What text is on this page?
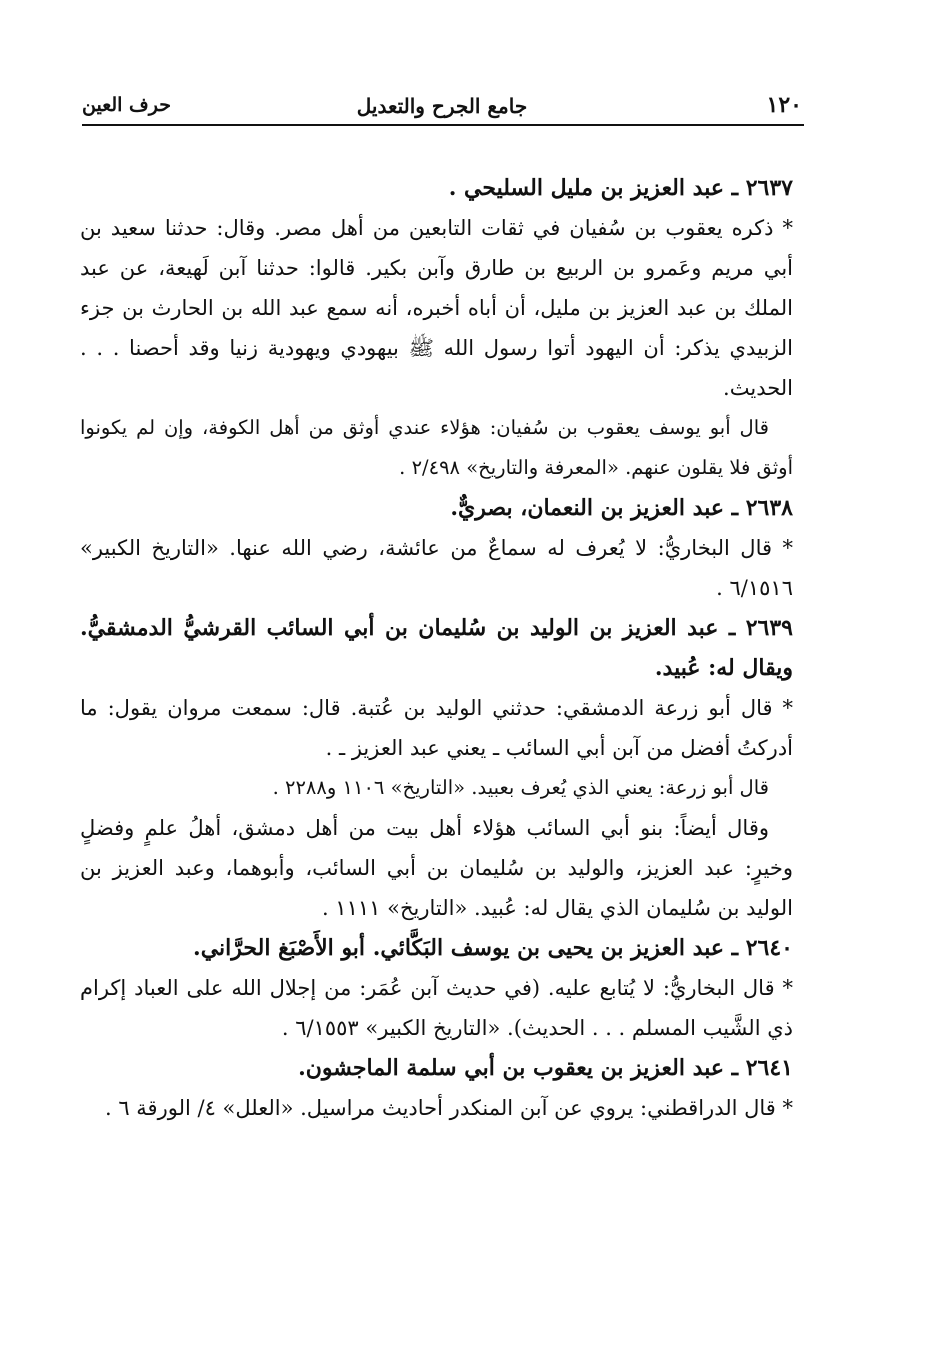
١٢٠
جامع الجرح والتعديل
حرف العين

٢٦٣٧ ـ عبد العزيز بن مليل السليحي .

* ذكره يعقوب بن سُفيان في ثقات التابعين من أهل مصر. وقال: حدثنا سعيد بن أبي مريم وعَمرو بن الربيع بن طارق وآبن بكير. قالوا: حدثنا آبن لَهيعة، عن عبد الملك بن عبد العزيز بن مليل، أن أباه أخبره، أنه سمع عبد الله بن الحارث بن جزء الزبيدي يذكر: أن اليهود أتوا رسول الله ﷺ بيهودي ويهودية زنيا وقد أحصنا . . . الحديث.

قال أبو يوسف يعقوب بن سُفيان: هؤلاء عندي أوثق من أهل الكوفة، وإن لم يكونوا أوثق فلا يقلون عنهم. «المعرفة والتاريخ» ٢/٤٩٨ .

٢٦٣٨ ـ عبد العزيز بن النعمان، بصريٌّ.

* قال البخاريُّ: لا يُعرف له سماعٌ من عائشة، رضي الله عنها. «التاريخ الكبير» ٦/١٥١٦ .

٢٦٣٩ ـ عبد العزيز بن الوليد بن سُليمان بن أبي السائب القرشيُّ الدمشقيُّ. ويقال له: عُبيد.

* قال أبو زرعة الدمشقي: حدثني الوليد بن عُتبة. قال: سمعت مروان يقول: ما أدركتُ أفضل من آبن أبي السائب ـ يعني عبد العزيز ـ .

قال أبو زرعة: يعني الذي يُعرف بعبيد. «التاريخ» ١١٠٦ و٢٢٨٨ .

وقال أيضاً: بنو أبي السائب هؤلاء أهل بيت من أهل دمشق، أهلُ علمٍ وفضلٍ وخيرٍ: عبد العزيز، والوليد بن سُليمان بن أبي السائب، وأبوهما، وعبد العزيز بن الوليد بن سُليمان الذي يقال له: عُبيد. «التاريخ» ١١١١ .

٢٦٤٠ ـ عبد العزيز بن يحيى بن يوسف البَكَّائي. أبو الأَصْبَغ الحرَّاني.

* قال البخاريُّ: لا يُتابع عليه. (في حديث آبن عُمَر: من إجلال الله على العباد إكرام ذي الشَّيب المسلم . . . الحديث). «التاريخ الكبير» ٦/١٥٥٣ .

٢٦٤١ ـ عبد العزيز بن يعقوب بن أبي سلمة الماجشون.

* قال الدراقطني: يروي عن آبن المنكدر أحاديث مراسيل. «العلل» ٤/ الورقة ٦ .
